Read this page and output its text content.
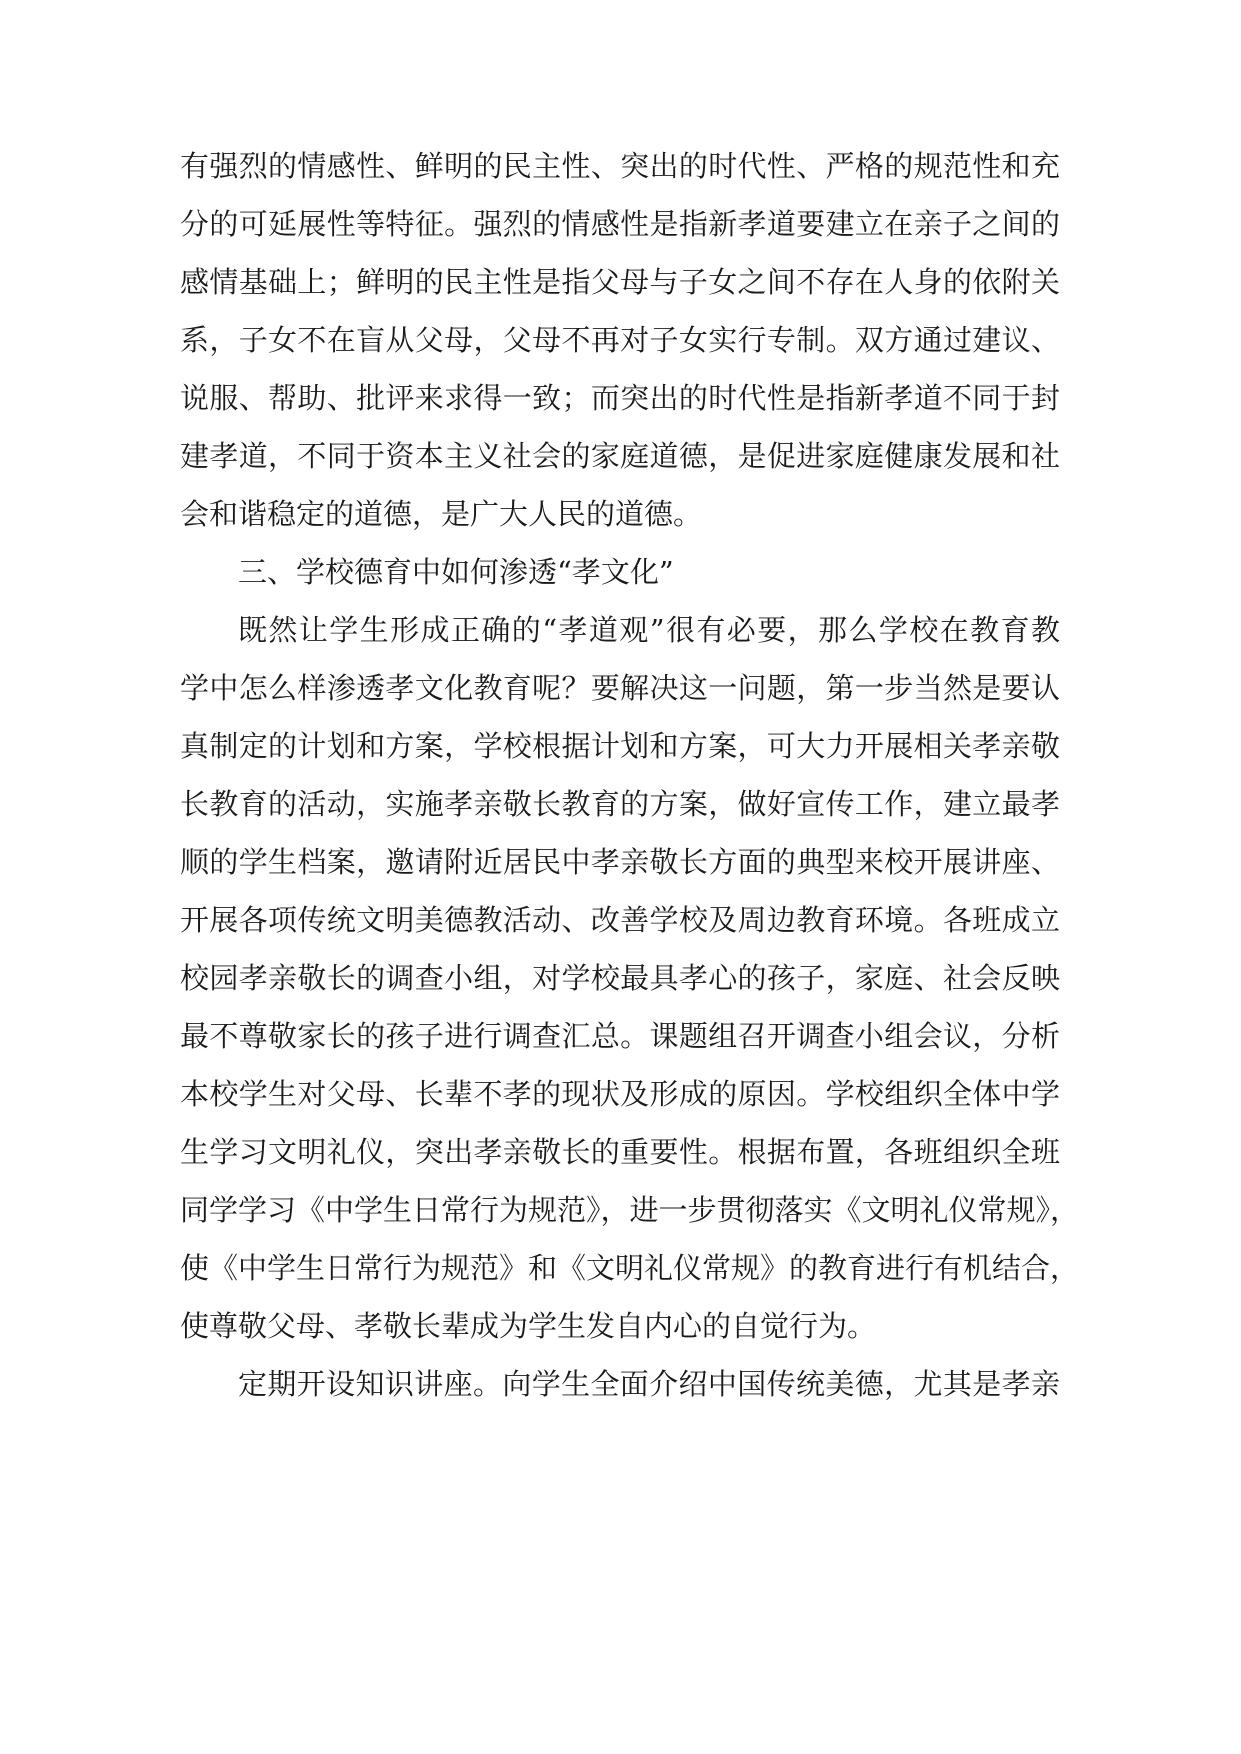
有强烈的情感性、鲜明的民主性、突出的时代性、严格的规范性和充
分的可延展性等特征。强烈的情感性是指新孝道要建立在亲子之间的
感情基础上；鲜明的民主性是指父母与子女之间不存在人身的依附关
系，子女不在盲从父母，父母不再对子女实行专制。双方通过建议、
说服、帮助、批评来求得一致；而突出的时代性是指新孝道不同于封
建孝道，不同于资本主义社会的家庭道德，是促进家庭健康发展和社
会和谐稳定的道德，是广大人民的道德。
三、学校德育中如何渗透“孝文化”
既然让学生形成正确的“孝道观”很有必要，那么学校在教育教
学中怎么样渗透孝文化教育呢？要解决这一问题，第一步当然是要认
真制定的计划和方案，学校根据计划和方案，可大力开展相关孝亲敬
长教育的活动，实施孝亲敬长教育的方案，做好宣传工作，建立最孝
顺的学生档案，邀请附近居民中孝亲敬长方面的典型来校开展讲座、
开展各项传统文明美德教活动、改善学校及周边教育环境。各班成立
校园孝亲敬长的调查小组，对学校最具孝心的孩子，家庭、社会反映
最不尊敬家长的孩子进行调查汇总。课题组召开调查小组会议，分析
本校学生对父母、长辈不孝的现状及形成的原因。学校组织全体中学
生学习文明礼仪，突出孝亲敬长的重要性。根据布置，各班组织全班
同学学习《中学生日常行为规范》，进一步贯彻落实《文明礼仪常规》，
使《中学生日常行为规范》和《文明礼仪常规》的教育进行有机结合，
使尊敬父母、孝敬长辈成为学生发自内心的自觉行为。
定期开设知识讲座。向学生全面介绍中国传统美德，尤其是孝亲
